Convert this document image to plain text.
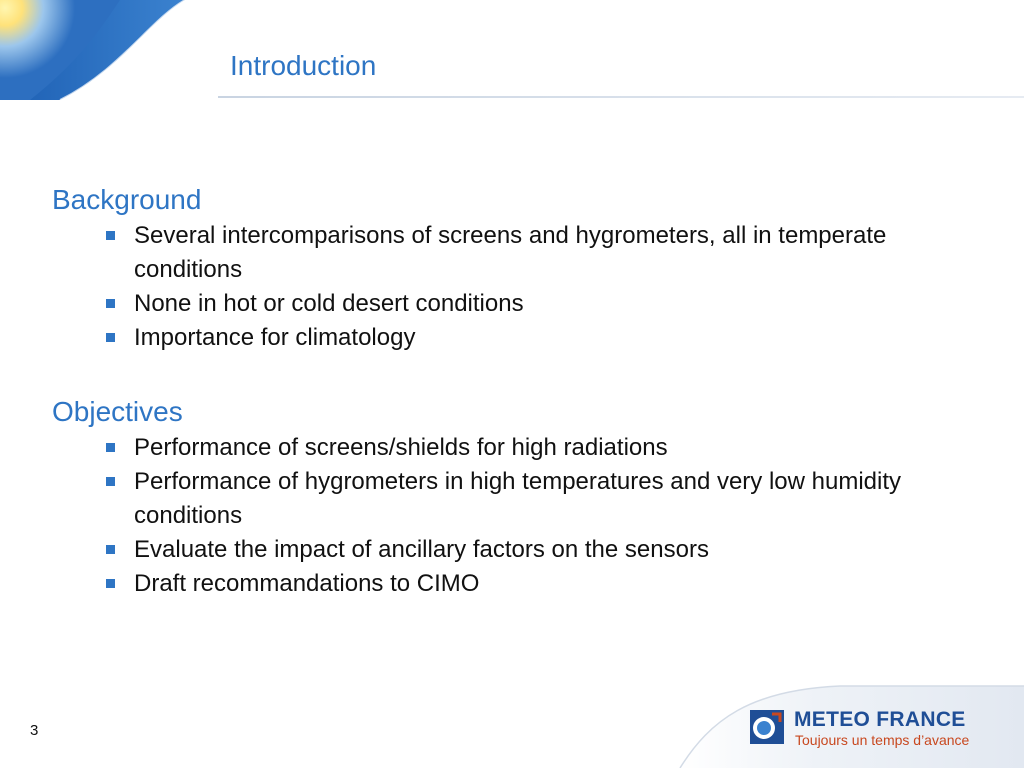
Introduction
Background
Several intercomparisons of screens and hygrometers, all in temperate conditions
None in hot or cold desert conditions
Importance for climatology
Objectives
Performance of screens/shields for high radiations
Performance of hygrometers in high temperatures and very low humidity conditions
Evaluate the impact of ancillary factors on the sensors
Draft recommandations to CIMO
METEO FRANCE
Toujours un temps d’avance
3
